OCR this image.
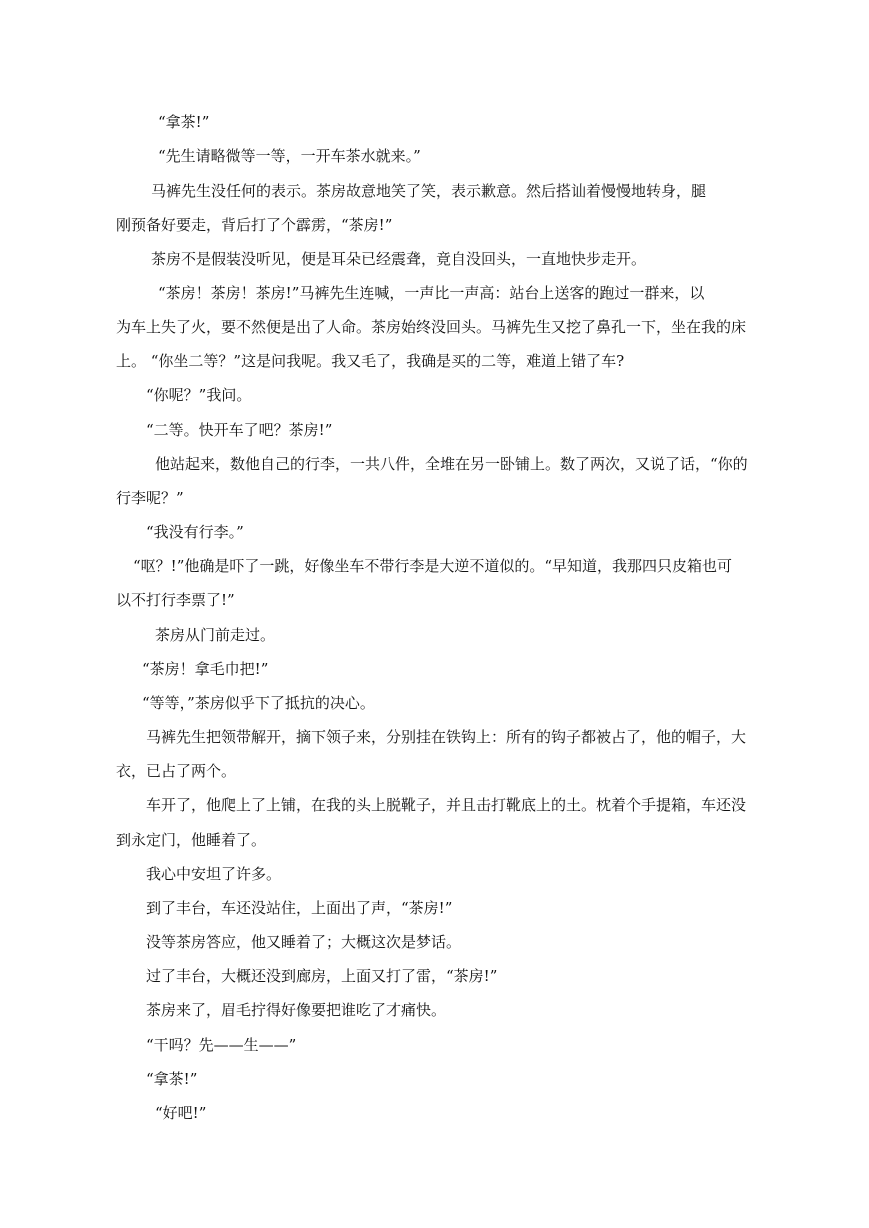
“拿茶!”
“先生请略微等一等，一开车茶水就来。”
马裤先生没任何的表示。茶房故意地笑了笑，表示歉意。然后搭讪着慢慢地转身，腿
刚预备好要走，背后打了个霹雳，“茶房!”
茶房不是假装没听见，便是耳朵已经震聋，竟自没回头，一直地快步走开。
“茶房！茶房！茶房!”马裤先生连喊，一声比一声高：站台上送客的跑过一群来，以
为车上失了火，要不然便是出了人命。茶房始终没回头。马裤先生又挖了鼻孔一下，坐在我的床
上。 “你坐二等？”这是问我呢。我又毛了，我确是买的二等，难道上错了车?
“你呢？”我问。
“二等。快开车了吧？茶房!”
他站起来，数他自己的行李，一共八件，全堆在另一卧铺上。数了两次，又说了话，“你的
行李呢？”
“我没有行李。”
“呕？!”他确是吓了一跳，好像坐车不带行李是大逆不道似的。“早知道，我那四只皮箱也可
以不打行李票了!”
茶房从门前走过。
“茶房！拿毛巾把!”
“等等，”茶房似乎下了抵抗的决心。
马裤先生把领带解开，摘下领子来，分别挂在铁钩上：所有的钩子都被占了，他的帽子，大
衣，已占了两个。
车开了，他爬上了上铺，在我的头上脱靴子，并且击打靴底上的土。枕着个手提箱，车还没
到永定门，他睡着了。
我心中安坦了许多。
到了丰台，车还没站住，上面出了声，“茶房!”
没等茶房答应，他又睡着了；大概这次是梦话。
过了丰台，大概还没到廊房，上面又打了雷，“茶房!”
茶房来了，眉毛拧得好像要把谁吃了才痛快。
“干吗？先——生——”
“拿茶!”
“好吧!”
